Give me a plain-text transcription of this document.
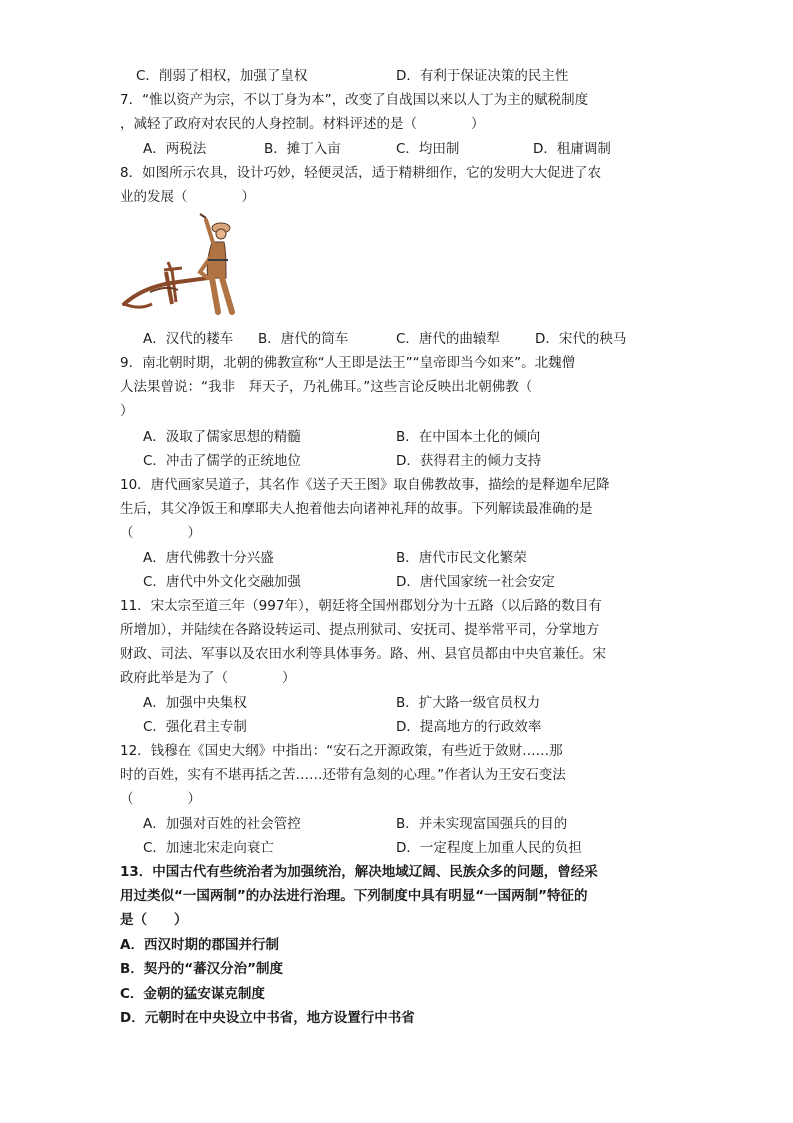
C．削弱了相权，加强了皇权	D．有利于保证决策的民主性
7．“惟以资产为宗，不以丁身为本”，改变了自战国以来以人丁为主的赋税制度
，减轻了政府对农民的人身控制。材料评述的是（　　　　）
A．两税法	B．摊丁入亩	C．均田制	D．租庸调制
8．如图所示农具，设计巧妙，轻便灵活，适于精耕细作，它的发明大大促进了农
业的发展（　　　　）
A．汉代的耧车 B．唐代的筒车	C．唐代的曲辕犁	D．宋代的秧马
9．南北朝时期，北朝的佛教宣称“人王即是法王”“皇帝即当今如来”。北魏僧
人法果曾说：“我非　拜天子，乃礼佛耳。”这些言论反映出北朝佛教（
）
A．汲取了儒家思想的精髓	B．在中国本土化的倾向
C．冲击了儒学的正统地位	D．获得君主的倾力支持
10．唐代画家吴道子，其名作《送子天王图》取自佛教故事，描绘的是释迦牟尼降
生后，其父净饭王和摩耶夫人抱着他去向诸神礼拜的故事。下列解读最准确的是
（　　　　）
A．唐代佛教十分兴盛	B．唐代市民文化繁荣
C．唐代中外文化交融加强	D．唐代国家统一社会安定
11．宋太宗至道三年（997年），朝廷将全国州郡划分为十五路（以后路的数目有
所增加），并陆续在各路设转运司、提点刑狱司、安抚司、提举常平司，分掌地方
财政、司法、军事以及农田水利等具体事务。路、州、县官员都由中央官兼任。宋
政府此举是为了（　　　　）
A．加强中央集权	B．扩大路一级官员权力
C．强化君主专制	D．提高地方的行政效率
12．钱穆在《国史大纲》中指出：“安石之开源政策，有些近于敛财……那
时的百姓，实有不堪再括之苦……还带有急刻的心理。”作者认为王安石变法
（　　　　）
A．加强对百姓的社会管控	B．并未实现富国强兵的目的
C．加速北宋走向衰亡	D．一定程度上加重人民的负担
13．中国古代有些统治者为加强统治，解决地域辽阔、民族众多的问题，曾经采
用过类似“一国两制”的办法进行治理。下列制度中具有明显“一国两制”特征的
是（　　）
A．西汉时期的郡国并行制
B．契丹的“蕃汉分治”制度
C．金朝的猛安谋克制度
D．元朝时在中央设立中书省，地方设置行中书省
